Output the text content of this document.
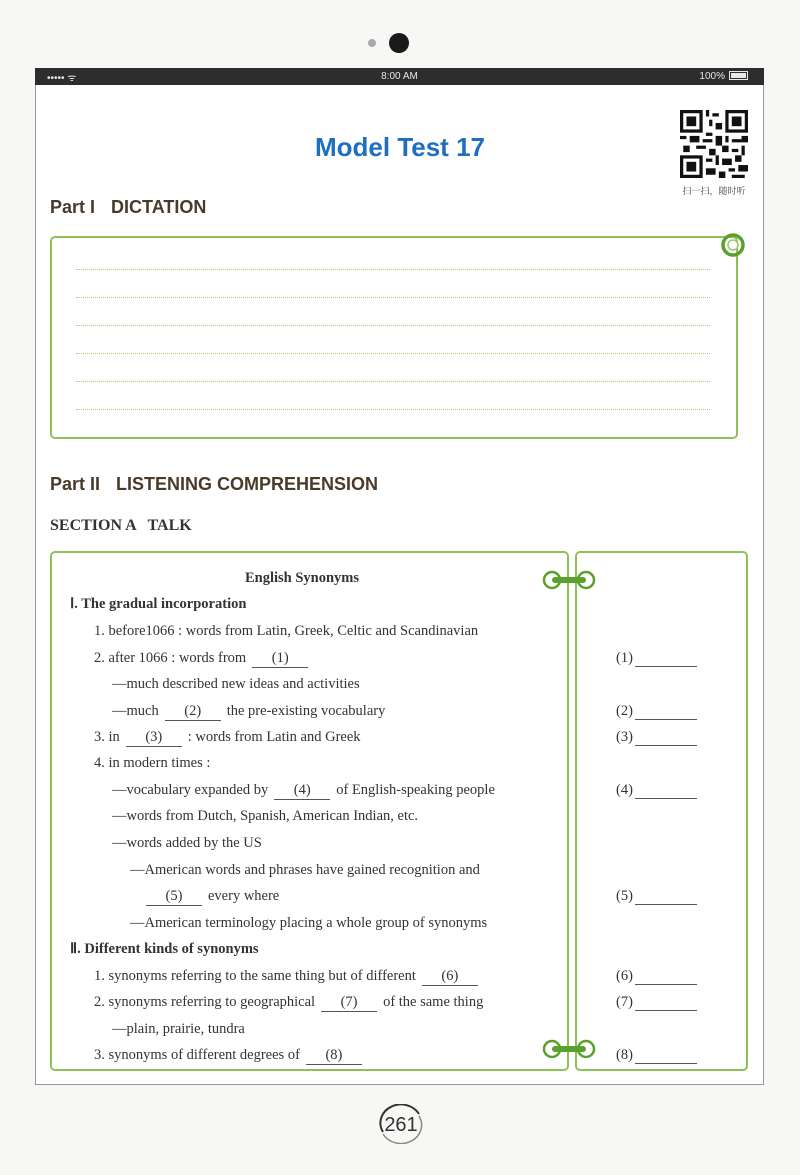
••••• ᯤ	8:00 AM	100%
Model Test 17
扫一扫，随时听
Part I DICTATION
Part II LISTENING COMPREHENSION
SECTION A   TALK
English Synonyms
Ⅰ. The gradual incorporation
1. before1066 : words from Latin, Greek, Celtic and Scandinavian
2. after 1066 : words from (1)
—much described new ideas and activities
—much (2) the pre-existing vocabulary
3. in (3) : words from Latin and Greek
4. in modern times :
—vocabulary expanded by (4) of English-speaking people
—words from Dutch, Spanish, American Indian, etc.
—words added by the US
—American words and phrases have gained recognition and
(5) every where
—American terminology placing a whole group of synonyms
Ⅱ. Different kinds of synonyms
1. synonyms referring to the same thing but of different (6)
2. synonyms referring to geographical (7) of the same thing
—plain, prairie, tundra
3. synonyms of different degrees of (8)
(1)
(2)
(3)
(4)
(5)
(6)
(7)
(8)
261
